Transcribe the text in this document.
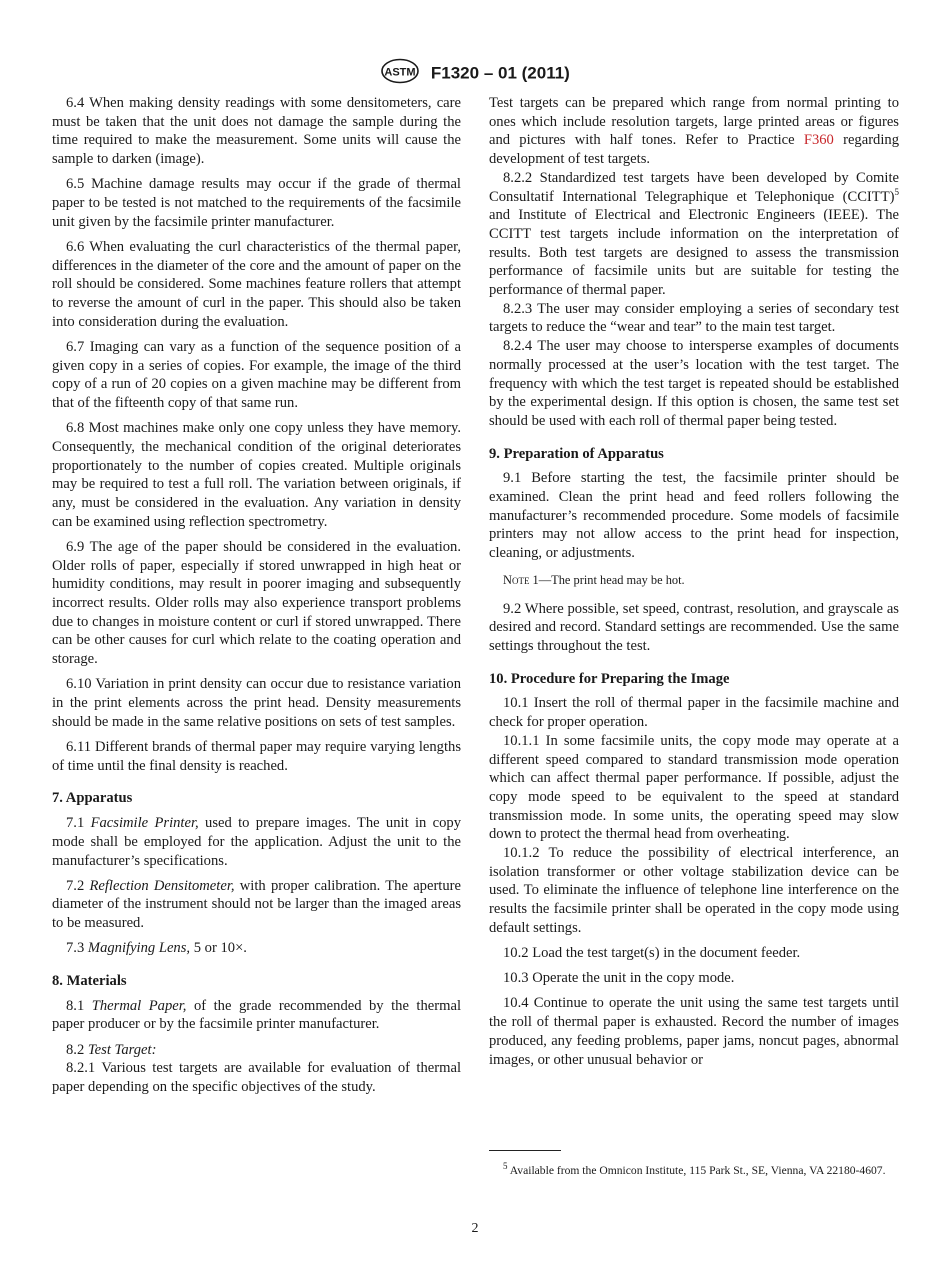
ASTM F1320 – 01 (2011)

6.4 When making density readings with some densitometers, care must be taken that the unit does not damage the sample during the time required to make the measurement. Some units will cause the sample to darken (image).

6.5 Machine damage results may occur if the grade of thermal paper to be tested is not matched to the requirements of the facsimile unit given by the facsimile printer manufacturer.

6.6 When evaluating the curl characteristics of the thermal paper, differences in the diameter of the core and the amount of paper on the roll should be considered. Some machines feature rollers that attempt to reverse the amount of curl in the paper. This should also be taken into consideration during the evaluation.

6.7 Imaging can vary as a function of the sequence position of a given copy in a series of copies. For example, the image of the third copy of a run of 20 copies on a given machine may be different from that of the fifteenth copy of that same run.

6.8 Most machines make only one copy unless they have memory. Consequently, the mechanical condition of the original deteriorates proportionately to the number of copies created. Multiple originals may be required to test a full roll. The variation between originals, if any, must be considered in the evaluation. Any variation in density can be examined using reflection spectrometry.

6.9 The age of the paper should be considered in the evaluation. Older rolls of paper, especially if stored unwrapped in high heat or humidity conditions, may result in poorer imaging and subsequently incorrect results. Older rolls may also experience transport problems due to changes in moisture content or curl if stored unwrapped. There can be other causes for curl which relate to the coating operation and storage.

6.10 Variation in print density can occur due to resistance variation in the print elements across the print head. Density measurements should be made in the same relative positions on sets of test samples.

6.11 Different brands of thermal paper may require varying lengths of time until the final density is reached.

7. Apparatus

7.1 Facsimile Printer, used to prepare images. The unit in copy mode shall be employed for the application. Adjust the unit to the manufacturer’s specifications.

7.2 Reflection Densitometer, with proper calibration. The aperture diameter of the instrument should not be larger than the imaged areas to be measured.

7.3 Magnifying Lens, 5 or 10×.

8. Materials

8.1 Thermal Paper, of the grade recommended by the thermal paper producer or by the facsimile printer manufacturer.

8.2 Test Target:

8.2.1 Various test targets are available for evaluation of thermal paper depending on the specific objectives of the study.

Test targets can be prepared which range from normal printing to ones which include resolution targets, large printed areas or figures and pictures with half tones. Refer to Practice F360 regarding development of test targets.

8.2.2 Standardized test targets have been developed by Comite Consultatif International Telegraphique et Telephonique (CCITT)$^5$ and Institute of Electrical and Electronic Engineers (IEEE). The CCITT test targets include information on the interpretation of results. Both test targets are designed to assess the transmission performance of facsimile units but are suitable for testing the performance of thermal paper.

8.2.3 The user may consider employing a series of secondary test targets to reduce the “wear and tear” to the main test target.

8.2.4 The user may choose to intersperse examples of documents normally processed at the user’s location with the test target. The frequency with which the test target is repeated should be established by the experimental design. If this option is chosen, the same test set should be used with each roll of thermal paper being tested.

9. Preparation of Apparatus

9.1 Before starting the test, the facsimile printer should be examined. Clean the print head and feed rollers following the manufacturer’s recommended procedure. Some models of facsimile printers may not allow access to the print head for inspection, cleaning, or adjustments.

Note 1—The print head may be hot.

9.2 Where possible, set speed, contrast, resolution, and grayscale as desired and record. Standard settings are recommended. Use the same settings throughout the test.

10. Procedure for Preparing the Image

10.1 Insert the roll of thermal paper in the facsimile machine and check for proper operation.

10.1.1 In some facsimile units, the copy mode may operate at a different speed compared to standard transmission mode operation which can affect thermal paper performance. If possible, adjust the copy mode speed to be equivalent to the speed at standard transmission mode. In some units, the operating speed may slow down to protect the thermal head from overheating.

10.1.2 To reduce the possibility of electrical interference, an isolation transformer or other voltage stabilization device can be used. To eliminate the influence of telephone line interference on the results the facsimile printer shall be operated in the copy mode using default settings.

10.2 Load the test target(s) in the document feeder.

10.3 Operate the unit in the copy mode.

10.4 Continue to operate the unit using the same test targets until the roll of thermal paper is exhausted. Record the number of images produced, any feeding problems, paper jams, noncut pages, abnormal images, or other unusual behavior or

$^5$ Available from the Omnicon Institute, 115 Park St., SE, Vienna, VA 22180-4607.
2
